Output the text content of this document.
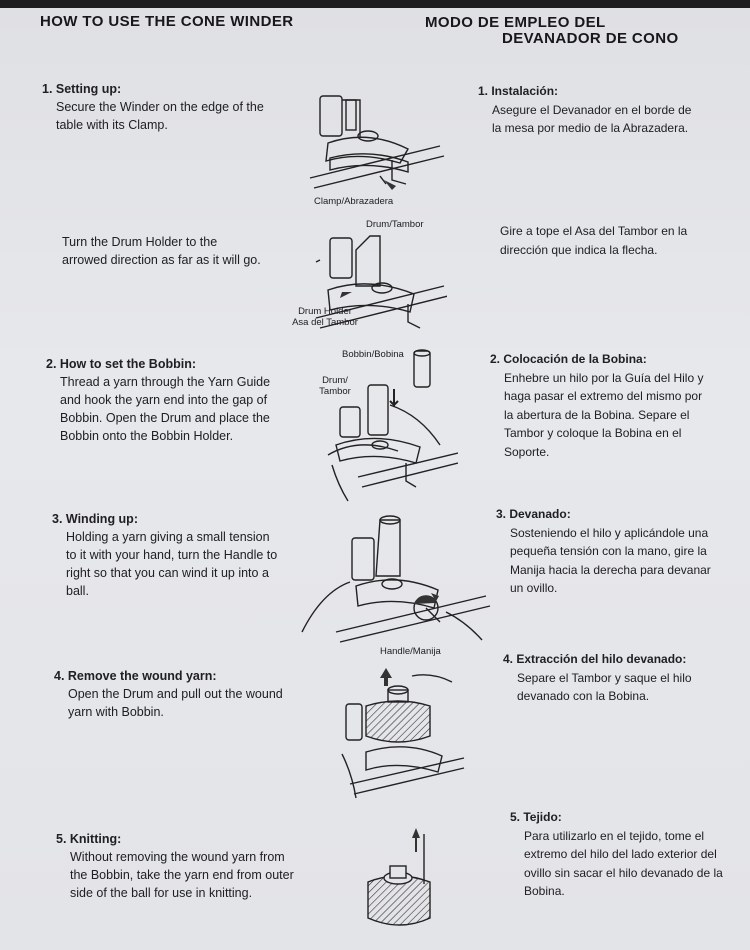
HOW TO USE THE CONE WINDER	MODO DE EMPLEO DEL
DEVANADOR DE CONO
1. Setting up:
Secure the Winder on the edge of the table with its Clamp.
Turn the Drum Holder to the arrowed direction as far as it will go.
2. How to set the Bobbin:
Thread a yarn through the Yarn Guide and hook the yarn end into the gap of Bobbin. Open the Drum and place the Bobbin onto the Bobbin Holder.
3. Winding up:
Holding a yarn giving a small tension to it with your hand, turn the Handle to right so that you can wind it up into a ball.
4. Remove the wound yarn:
Open the Drum and pull out the wound yarn with Bobbin.
5. Knitting:
Without removing the wound yarn from the Bobbin, take the yarn end from outer side of the ball for use in knitting.
1. Instalación:
Asegure el Devanador en el borde de la mesa por medio de la Abrazadera.
Gire a tope el Asa del Tambor en la dirección que indica la flecha.
2. Colocación de la Bobina:
Enhebre un hilo por la Guía del Hilo y haga pasar el extremo del mismo por la abertura de la Bobina. Separe el Tambor y coloque la Bobina en el Soporte.
3. Devanado:
Sosteniendo el hilo y aplicándole una pequeña tensión con la mano, gire la Manija hacia la derecha para devanar un ovillo.
4. Extracción del hilo devanado:
Separe el Tambor y saque el hilo devanado con la Bobina.
5. Tejido:
Para utilizarlo en el tejido, tome el extremo del hilo del lado exterior del ovillo sin sacar el hilo devanado de la Bobina.
Clamp/Abrazadera
Drum/Tambor
Drum Holder
Asa del Tambor
Bobbin/Bobina
Drum/
Tambor
Handle/Manija
